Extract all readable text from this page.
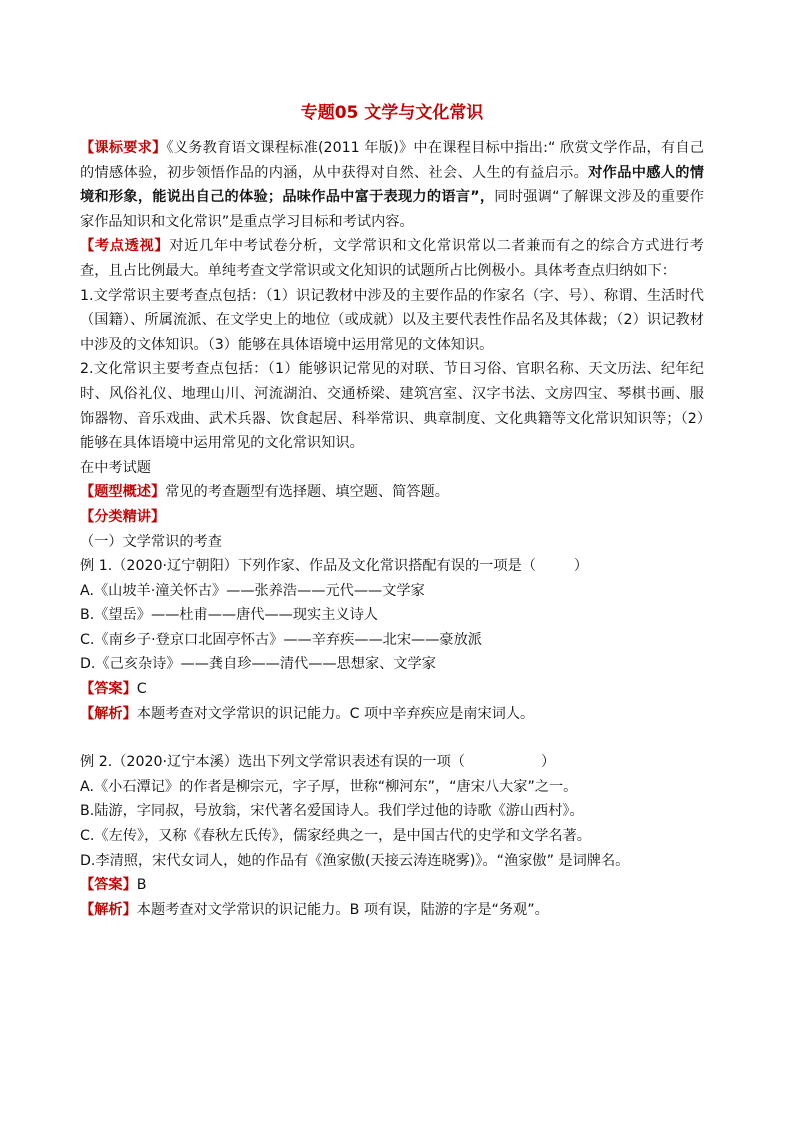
专题05 文学与文化常识

【课标要求】《义务教育语文课程标准(2011 年版)》中在课程目标中指出:“ 欣赏文学作品，有自己的情感体验，初步领悟作品的内涵，从中获得对自然、社会、人生的有益启示。对作品中感人的情境和形象，能说出自己的体验；品味作品中富于表现力的语言”，同时强调“了解课文涉及的重要作家作品知识和文化常识”是重点学习目标和考试内容。

【考点透视】对近几年中考试卷分析，文学常识和文化常识常以二者兼而有之的综合方式进行考查，且占比例最大。单纯考查文学常识或文化知识的试题所占比例极小。具体考查点归纳如下：

1.文学常识主要考查点包括：（1）识记教材中涉及的主要作品的作家名（字、号）、称谓、生活时代（国籍）、所属流派、在文学史上的地位（或成就）以及主要代表性作品名及其体裁；（2）识记教材中涉及的文体知识。（3）能够在具体语境中运用常见的文体知识。

2.文化常识主要考查点包括：（1）能够识记常见的对联、节日习俗、官职名称、天文历法、纪年纪时、风俗礼仪、地理山川、河流湖泊、交通桥梁、建筑宫室、汉字书法、文房四宝、琴棋书画、服饰器物、音乐戏曲、武术兵器、饮食起居、科举常识、典章制度、文化典籍等文化常识知识等；（2）能够在具体语境中运用常见的文化常识知识。

在中考试题

【题型概述】常见的考查题型有选择题、填空题、简答题。

【分类精讲】

（一）文学常识的考查

例 1.（2020·辽宁朝阳）下列作家、作品及文化常识搭配有误的一项是（	）

A.《山坡羊·潼关怀古》——张养浩——元代——文学家

B.《望岳》——杜甫——唐代——现实主义诗人

C.《南乡子·登京口北固亭怀古》——辛弃疾——北宋——豪放派

D.《己亥杂诗》——龚自珍——清代——思想家、文学家

【答案】C

【解析】本题考查对文学常识的识记能力。C 项中辛弃疾应是南宋词人。

例 2.（2020·辽宁本溪）选出下列文学常识表述有误的一项（	）

A.《小石潭记》的作者是柳宗元，字子厚，世称“柳河东”，“唐宋八大家”之一。

B.陆游，字同叔，号放翁，宋代著名爱国诗人。我们学过他的诗歌《游山西村》。

C.《左传》，又称《春秋左氏传》，儒家经典之一，是中国古代的史学和文学名著。

D.李清照，宋代女词人，她的作品有《渔家傲(天接云涛连晓雾)》。“渔家傲” 是词牌名。

【答案】B

【解析】本题考查对文学常识的识记能力。B 项有误，陆游的字是“务观”。
